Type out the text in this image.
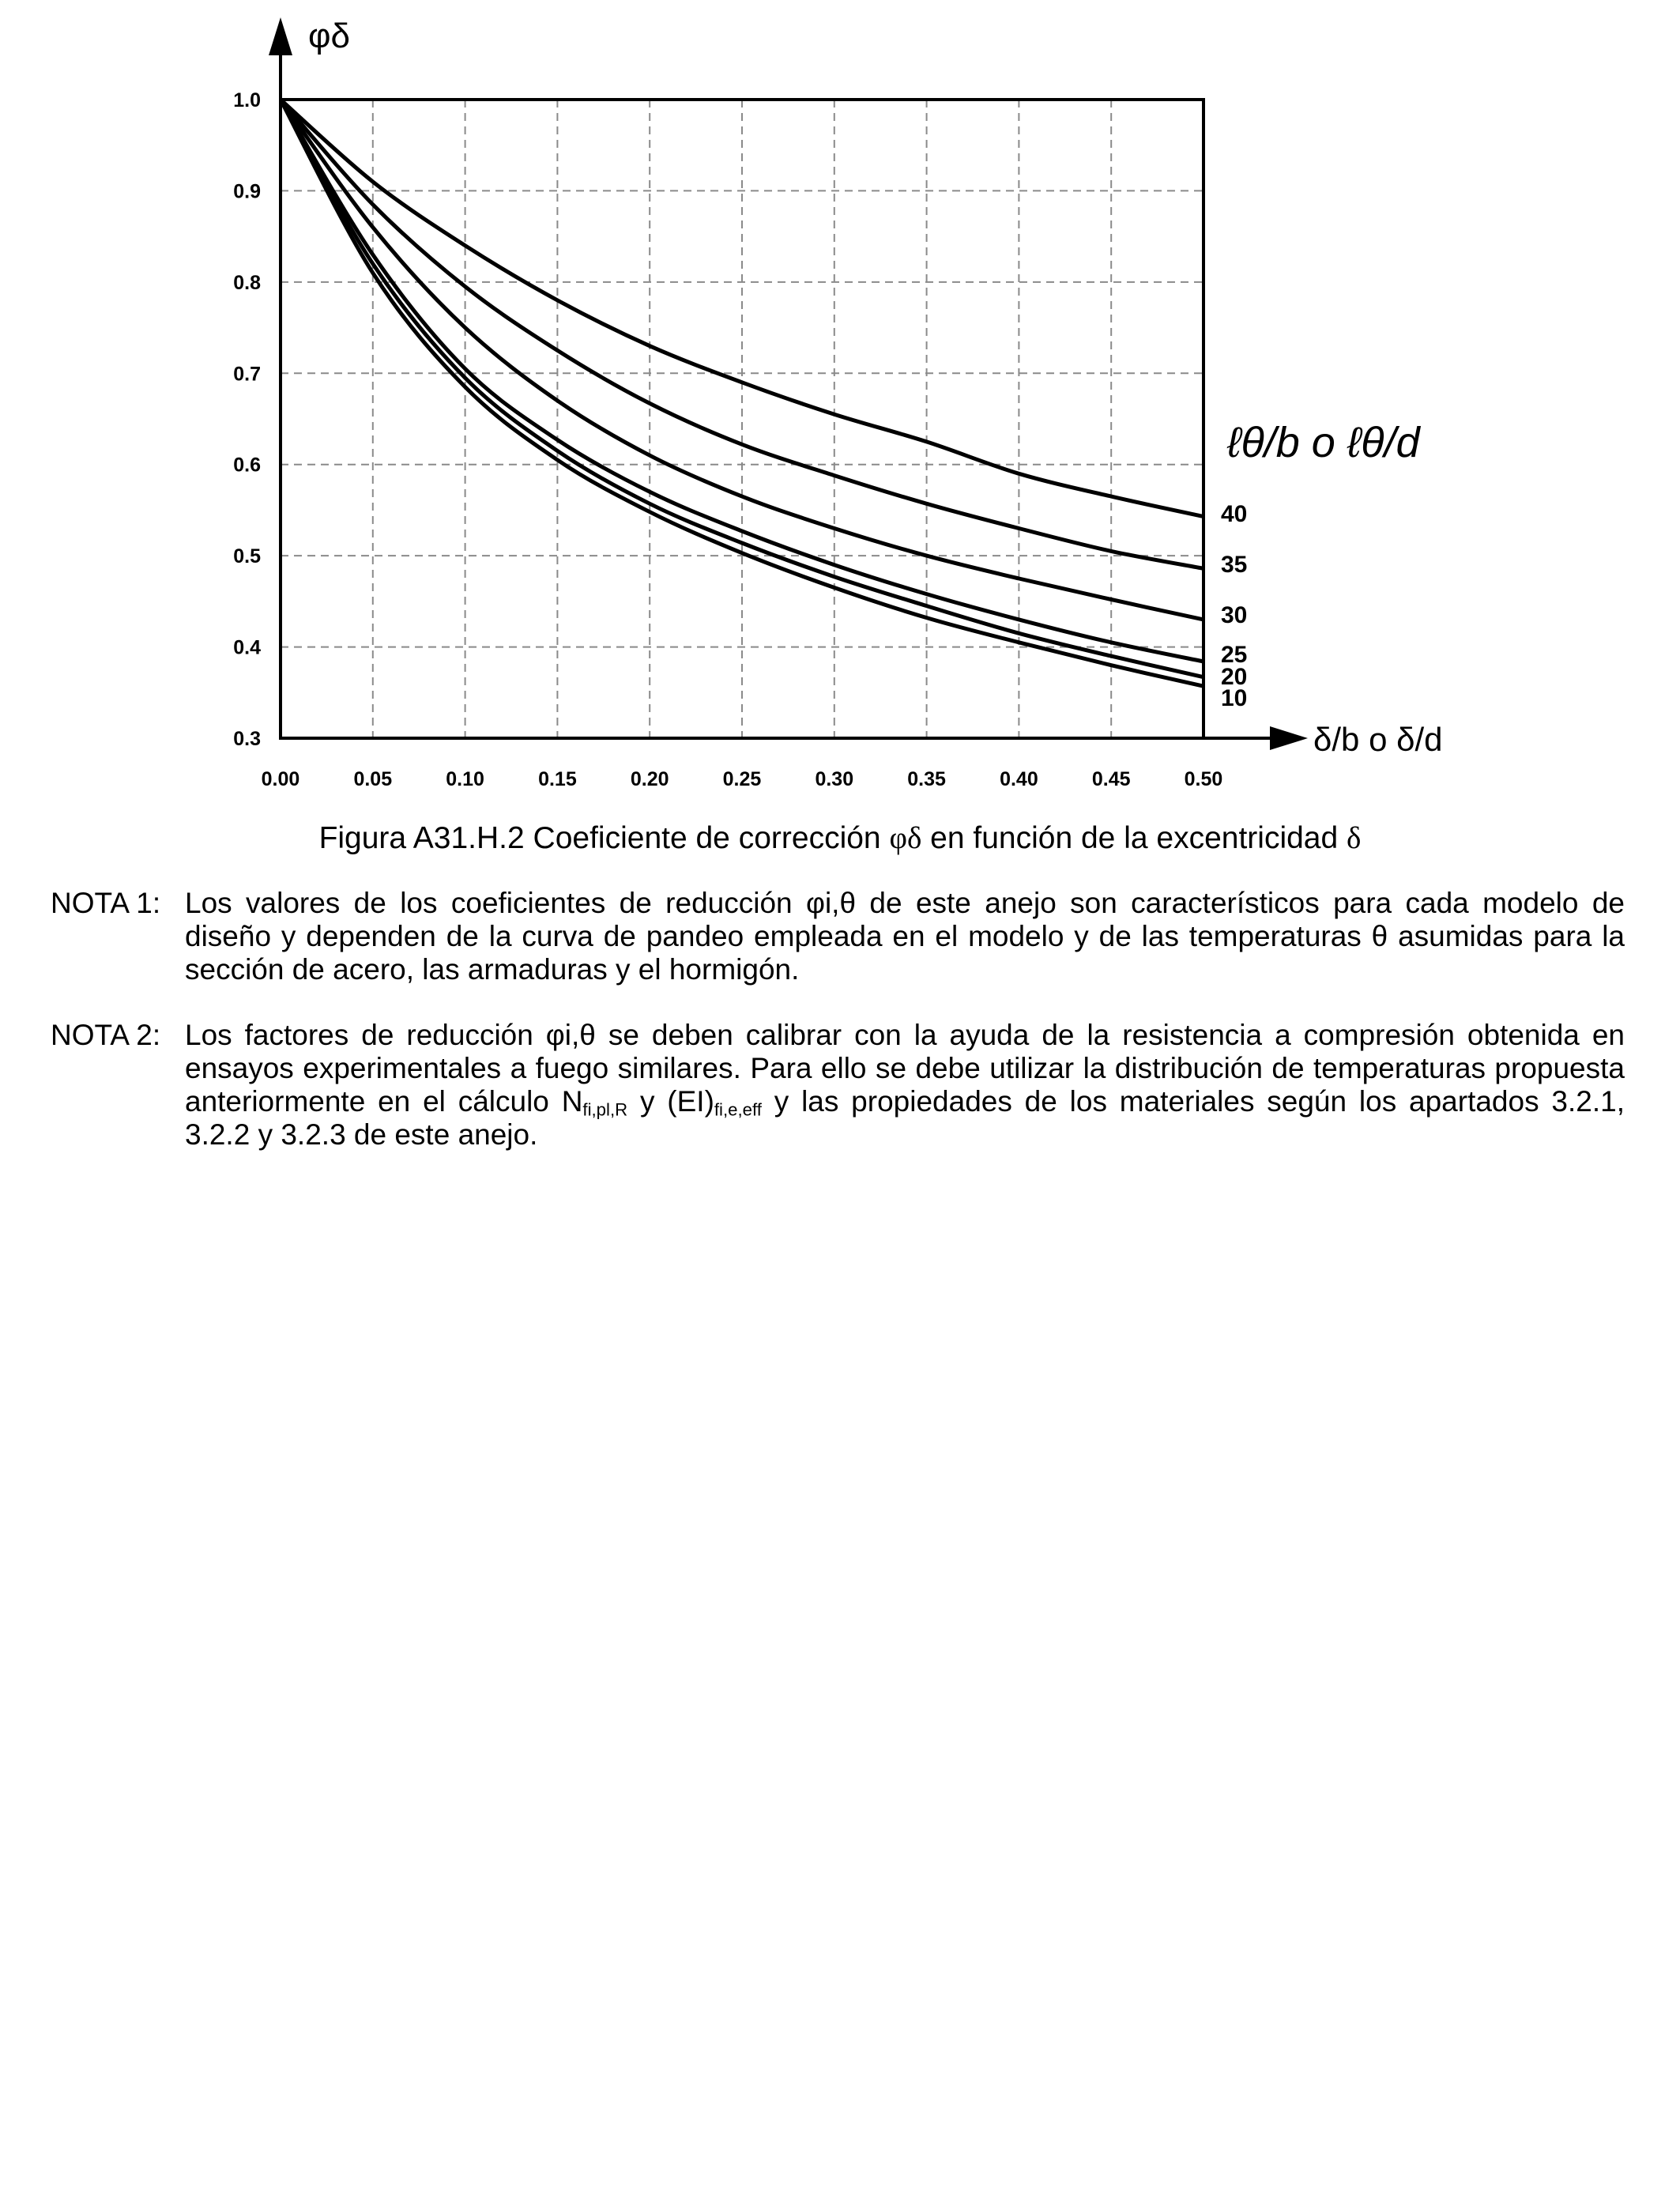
0.00	0.05	0.10	0.15	0.20	0.25	0.30	0.35	0.40	0.45	0.50
0.3
0.4
0.5
0.6
0.7
0.8
0.9
1.0
40
35
30
25
20
10
φδ
δ/b o δ/d
ℓθ/b o ℓθ/d
Figura A31.H.2 Coeficiente de corrección φδ en función de la excentricidad δ
NOTA 1: Los valores de los coeficientes de reducción φi,θ de este anejo son característicos para cada modelo de diseño y dependen de la curva de pandeo empleada en el modelo y de las temperaturas θ asumidas para la sección de acero, las armaduras y el hormigón.
NOTA 2: Los factores de reducción φi,θ se deben calibrar con la ayuda de la resistencia a compresión obtenida en ensayos experimentales a fuego similares. Para ello se debe utilizar la distribución de temperaturas propuesta anteriormente en el cálculo $N_{fi,pl,R}$ y $(EI)_{fi,e,eff}$ y las propiedades de los materiales según los apartados 3.2.1, 3.2.2 y 3.2.3 de este anejo.
